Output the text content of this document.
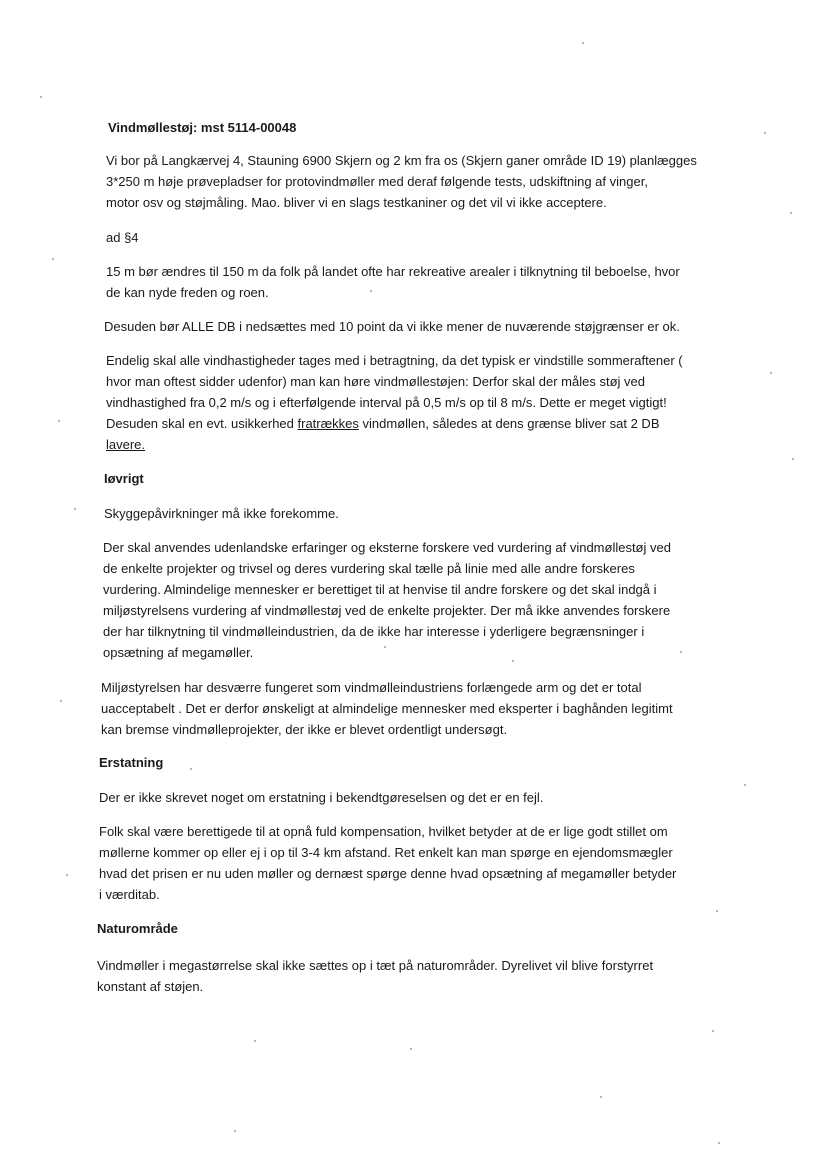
Vindmøllestøj: mst 5114-00048
Vi bor på Langkærvej 4, Stauning 6900 Skjern og 2 km fra os (Skjern ganer område ID 19) planlægges
3*250 m høje prøvepladser for protovindmøller med deraf følgende tests, udskiftning af vinger,
motor osv og støjmåling. Mao. bliver vi en slags testkaniner og det vil vi ikke acceptere.
ad §4
15 m bør ændres til 150 m da folk på landet ofte har rekreative arealer i tilknytning til beboelse, hvor
de kan nyde freden og roen.
Desuden bør ALLE DB i nedsættes med 10 point da vi ikke mener de nuværende støjgrænser er ok.
Endelig skal alle vindhastigheder tages med i betragtning, da det typisk er vindstille sommeraftener (
hvor man oftest sidder udenfor) man kan høre vindmøllestøjen: Derfor skal der måles støj ved
vindhastighed fra 0,2 m/s og i efterfølgende interval på 0,5 m/s op til 8 m/s. Dette er meget vigtigt!
Desuden skal en evt. usikkerhed fratrækkes vindmøllen, således at dens grænse bliver sat 2 DB
lavere.
Iøvrigt
Skyggepåvirkninger må ikke forekomme.
Der skal anvendes udenlandske erfaringer og eksterne forskere ved vurdering af vindmøllestøj ved
de enkelte projekter og trivsel og deres vurdering skal tælle på linie med alle andre forskeres
vurdering. Almindelige mennesker er berettiget til at henvise til andre forskere og det skal indgå i
miljøstyrelsens vurdering af vindmøllestøj ved de enkelte projekter. Der må ikke anvendes forskere
der har tilknytning til vindmølleindustrien, da de ikke har interesse i yderligere begrænsninger i
opsætning af megamøller.
Miljøstyrelsen har desværre fungeret som vindmølleindustriens forlængede arm og det er total
uacceptabelt . Det er derfor ønskeligt at almindelige mennesker med eksperter i baghånden legitimt
kan bremse vindmølleprojekter, der ikke er blevet ordentligt undersøgt.
Erstatning
Der er ikke skrevet noget om erstatning i bekendtgøreselsen og det er en fejl.
Folk skal være berettigede til at opnå fuld kompensation, hvilket betyder at de er lige godt stillet om
møllerne kommer op eller ej i op til 3-4 km afstand. Ret enkelt kan man spørge en ejendomsmægler
hvad det prisen er nu uden møller og dernæst spørge denne hvad opsætning af megamøller betyder
i værditab.
Naturområde
Vindmøller i megastørrelse skal ikke sættes op i tæt på naturområder. Dyrelivet vil blive forstyrret
konstant af støjen.
